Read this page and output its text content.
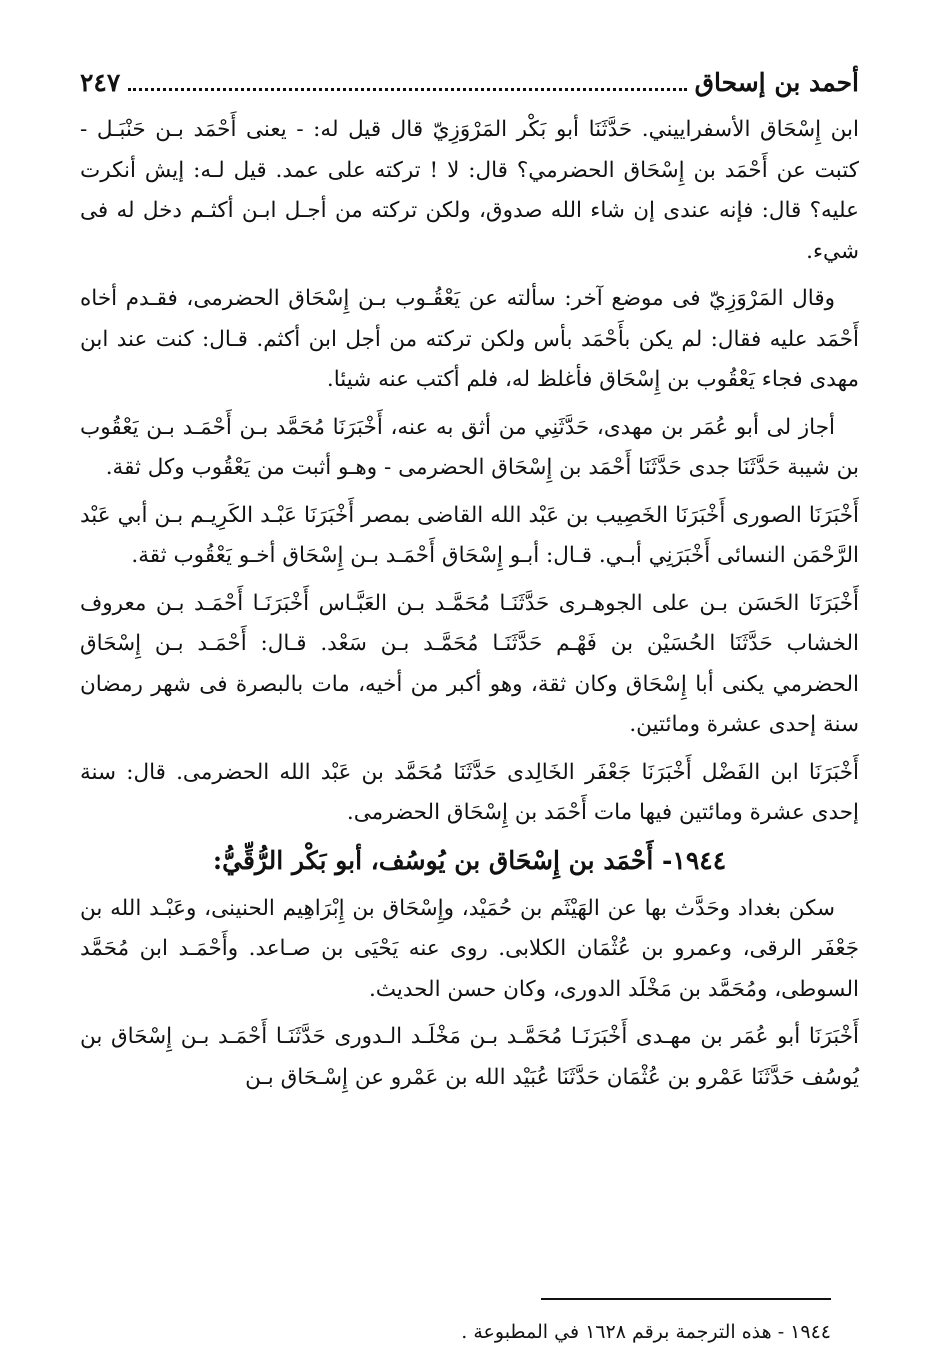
أحمد بن إسحاق
٢٤٧

ابن إِسْحَاق الأسفراييني. حَدَّثَنَا أبو بَكْر المَرْوَزِيّ قال قيل له: - يعنى أَحْمَد بـن حَنْبَـل - كتبت عن أَحْمَد بن إِسْحَاق الحضرمي؟ قال: لا ! تركته على عمد. قيل لـه: إيش أنكرت عليه؟ قال: فإنه عندى إن شاء الله صدوق، ولكن تركته من أجـل ابـن أكثـم دخل له فى شيء.

وقال المَرْوَزِيّ فى موضع آخر: سألته عن يَعْقُـوب بـن إِسْحَاق الحضرمى، فقـدم أخاه أَحْمَد عليه فقال: لم يكن بأَحْمَد بأس ولكن تركته من أجل ابن أكثم. قـال: كنت عند ابن مهدى فجاء يَعْقُوب بن إِسْحَاق فأغلظ له، فلم أكتب عنه شيئا.

أجاز لى أبو عُمَر بن مهدى، حَدَّثَنِي من أثق به عنه، أَخْبَرَنَا مُحَمَّد بـن أَحْمَـد بـن يَعْقُوب بن شيبة حَدَّثَنَا جدى حَدَّثَنَا أَحْمَد بن إِسْحَاق الحضرمى - وهـو أثبت من يَعْقُوب وكل ثقة.

أَخْبَرَنَا الصورى أَخْبَرَنَا الخَصِيب بن عَبْد الله القاضى بمصر أَخْبَرَنَا عَبْـد الكَرِيـم بـن أبي عَبْد الرَّحْمَن النسائى أَخْبَرَنِي أبـي. قـال: أبـو إِسْحَاق أَحْمَـد بـن إِسْحَاق أخـو يَعْقُوب ثقة.

أَخْبَرَنَا الحَسَن بـن على الجوهـرى حَدَّثَنَـا مُحَمَّـد بـن العَبَّـاس أَخْبَرَنَـا أَحْمَـد بـن معروف الخشاب حَدَّثَنَا الحُسَيْن بن فَهْـم حَدَّثَنَـا مُحَمَّـد بـن سَعْد. قـال: أَحْمَـد بـن إِسْحَاق الحضرمي يكنى أبا إِسْحَاق وكان ثقة، وهو أكبر من أخيه، مات بالبصرة فى شهر رمضان سنة إحدى عشرة ومائتين.

أَخْبَرَنَا ابن الفَضْل أَخْبَرَنَا جَعْفَر الخَالِدى حَدَّثَنَا مُحَمَّد بن عَبْد الله الحضرمى. قال: سنة إحدى عشرة ومائتين فيها مات أَحْمَد بن إِسْحَاق الحضرمى.

١٩٤٤- أَحْمَد بن إِسْحَاق بن يُوسُف، أبو بَكْر الرُّقِّيُّ:

سكن بغداد وحَدَّث بها عن الهَيْثَم بن حُمَيْد، وإِسْحَاق بن إِبْرَاهِيم الحنينى، وعَبْـد الله بن جَعْفَر الرقى، وعمرو بن عُثْمَان الكلابى. روى عنه يَحْيَى بن صـاعد. وأَحْمَـد ابن مُحَمَّد السوطى، ومُحَمَّد بن مَخْلَد الدورى، وكان حسن الحديث.

أَخْبَرَنَا أبو عُمَر بن مهـدى أَخْبَرَنَـا مُحَمَّـد بـن مَخْلَـد الـدورى حَدَّثَنَـا أَحْمَـد بـن إِسْحَاق بن يُوسُف حَدَّثَنَا عَمْرو بن عُثْمَان حَدَّثَنَا عُبَيْد الله بن عَمْرو عن إِسْـحَاق بـن

١٩٤٤ - هذه الترجمة برقم ١٦٢٨ في المطبوعة .
